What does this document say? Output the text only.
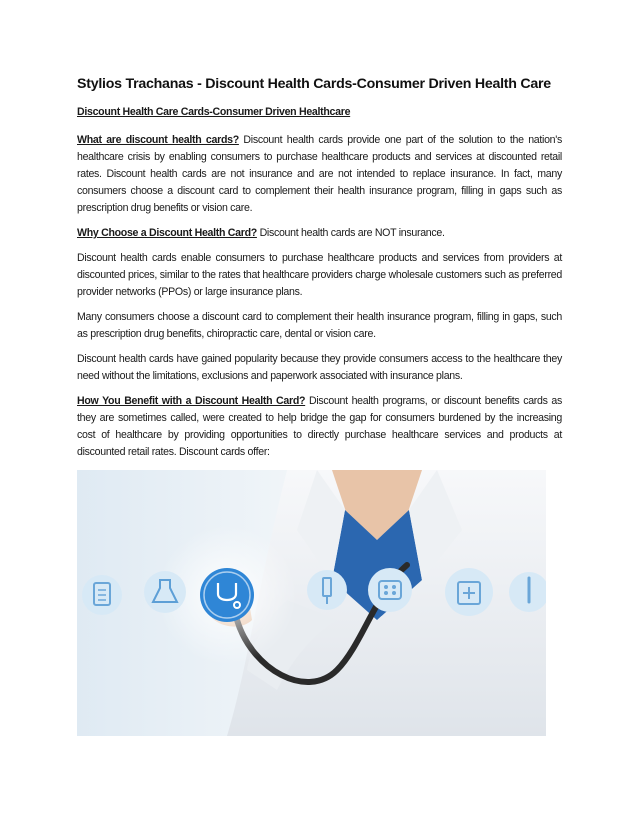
Stylios Trachanas - Discount Health Cards-Consumer Driven Health Care
Discount Health Care Cards-Consumer Driven Healthcare

What are discount health cards? Discount health cards provide one part of the solution to the nation's healthcare crisis by enabling consumers to purchase healthcare products and services at discounted retail rates. Discount health cards are not insurance and are not intended to replace insurance. In fact, many consumers choose a discount card to complement their health insurance program, filling in gaps such as prescription drug benefits or vision care.

Why Choose a Discount Health Card? Discount health cards are NOT insurance.

Discount health cards enable consumers to purchase healthcare products and services from providers at discounted prices, similar to the rates that healthcare providers charge wholesale customers such as preferred provider networks (PPOs) or large insurance plans.

Many consumers choose a discount card to complement their health insurance program, filling in gaps, such as prescription drug benefits, chiropractic care, dental or vision care.

Discount health cards have gained popularity because they provide consumers access to the healthcare they need without the limitations, exclusions and paperwork associated with insurance plans.

How You Benefit with a Discount Health Card? Discount health programs, or discount benefits cards as they are sometimes called, were created to help bridge the gap for consumers burdened by the increasing cost of healthcare by providing opportunities to directly purchase healthcare services and products at discounted retail rates. Discount cards offer:
